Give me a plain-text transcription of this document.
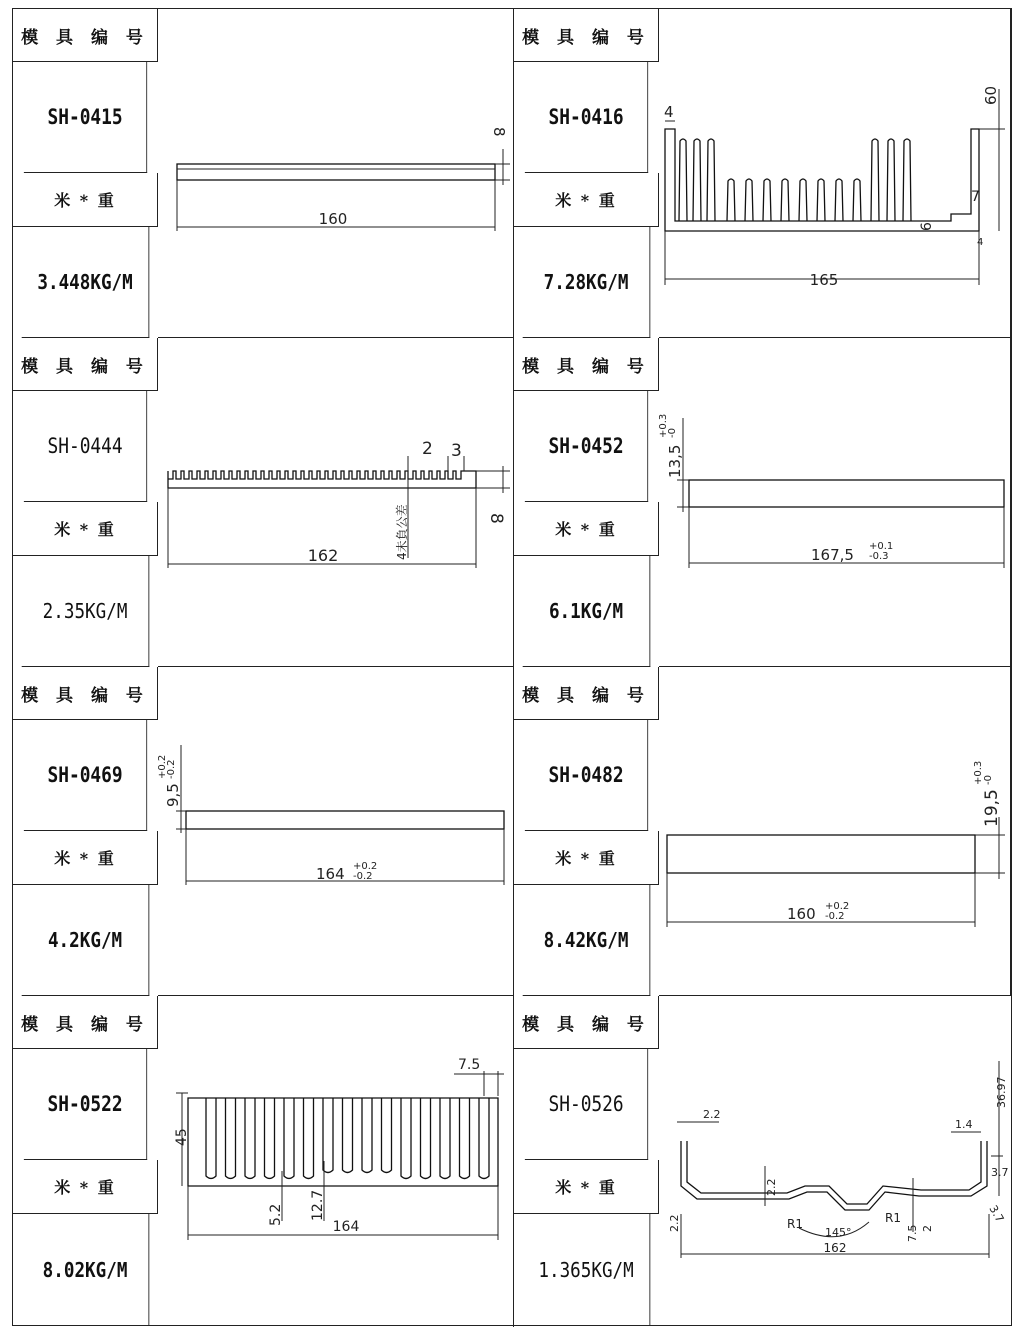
模 具 编 号
SH-0415
米 * 重
3.448KG/M
160
8
模 具 编 号
SH-0416
米 * 重
7.28KG/M	165
60
4
7
6
4
模 具 编 号
SH-0444
米 * 重
2.35KG/M
162
8
2 3
4未負公差
模 具 编 号
SH-0452
米 * 重
6.1KG/M
167,5 +0.1
-0.3
13,5
+0.3
-0
模 具 编 号
SH-0469
米 * 重
4.2KG/M
164 +0.2
-0.2
9,5
+0.2
-0.2
模 具 编 号
SH-0482
米 * 重
8.42KG/M
160 +0.2
-0.2
19,5
+0.3 -0
模 具 编 号
SH-0522
米 * 重
8.02KG/M
164
45
7.5
5.2 12.7
模 具 编 号
SH-0526
米 * 重
1.365KG/M
162
2.2
2.2
2.2	R1	R1
145°	7.5 2
3.7
3.7
1.4
36.97
